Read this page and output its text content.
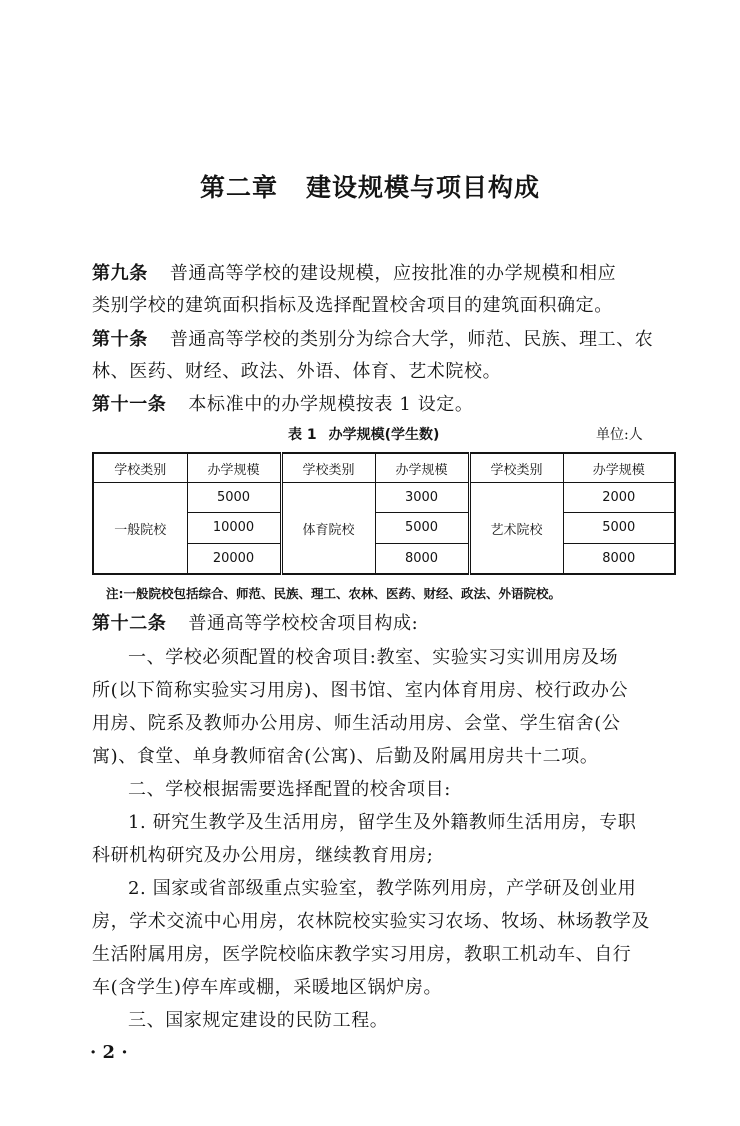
第二章 建设规模与项目构成
第九条 普通高等学校的建设规模，应按批准的办学规模和相应
类别学校的建筑面积指标及选择配置校舍项目的建筑面积确定。
第十条 普通高等学校的类别分为综合大学，师范、民族、理工、农
林、医药、财经、政法、外语、体育、艺术院校。
第十一条 本标准中的办学规模按表 1 设定。
表 1 办学规模(学生数)	单位:人
学校类别	办学规模	学校类别	办学规模	学校类别	办学规模
一般院校	5000	体育院校	3000	艺术院校	2000
	10000		5000		5000
	20000		8000		8000
注:一般院校包括综合、师范、民族、理工、农林、医药、财经、政法、外语院校。
第十二条 普通高等学校校舍项目构成:
一、学校必须配置的校舍项目:教室、实验实习实训用房及场
所(以下简称实验实习用房)、图书馆、室内体育用房、校行政办公
用房、院系及教师办公用房、师生活动用房、会堂、学生宿舍(公
寓)、食堂、单身教师宿舍(公寓)、后勤及附属用房共十二项。
二、学校根据需要选择配置的校舍项目:
1. 研究生教学及生活用房，留学生及外籍教师生活用房，专职
科研机构研究及办公用房，继续教育用房;
2. 国家或省部级重点实验室，教学陈列用房，产学研及创业用
房，学术交流中心用房，农林院校实验实习农场、牧场、林场教学及
生活附属用房，医学院校临床教学实习用房，教职工机动车、自行
车(含学生)停车库或棚，采暖地区锅炉房。
三、国家规定建设的民防工程。
· 2 ·
